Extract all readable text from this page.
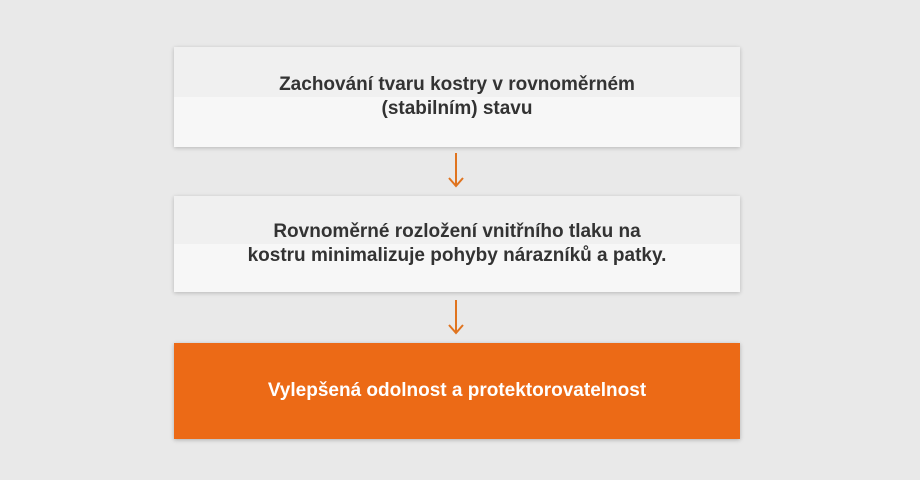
Zachování tvaru kostry v rovnoměrném
(stabilním) stavu
Rovnoměrné rozložení vnitřního tlaku na
kostru minimalizuje pohyby nárazníků a patky.
Vylepšená odolnost a protektorovatelnost
